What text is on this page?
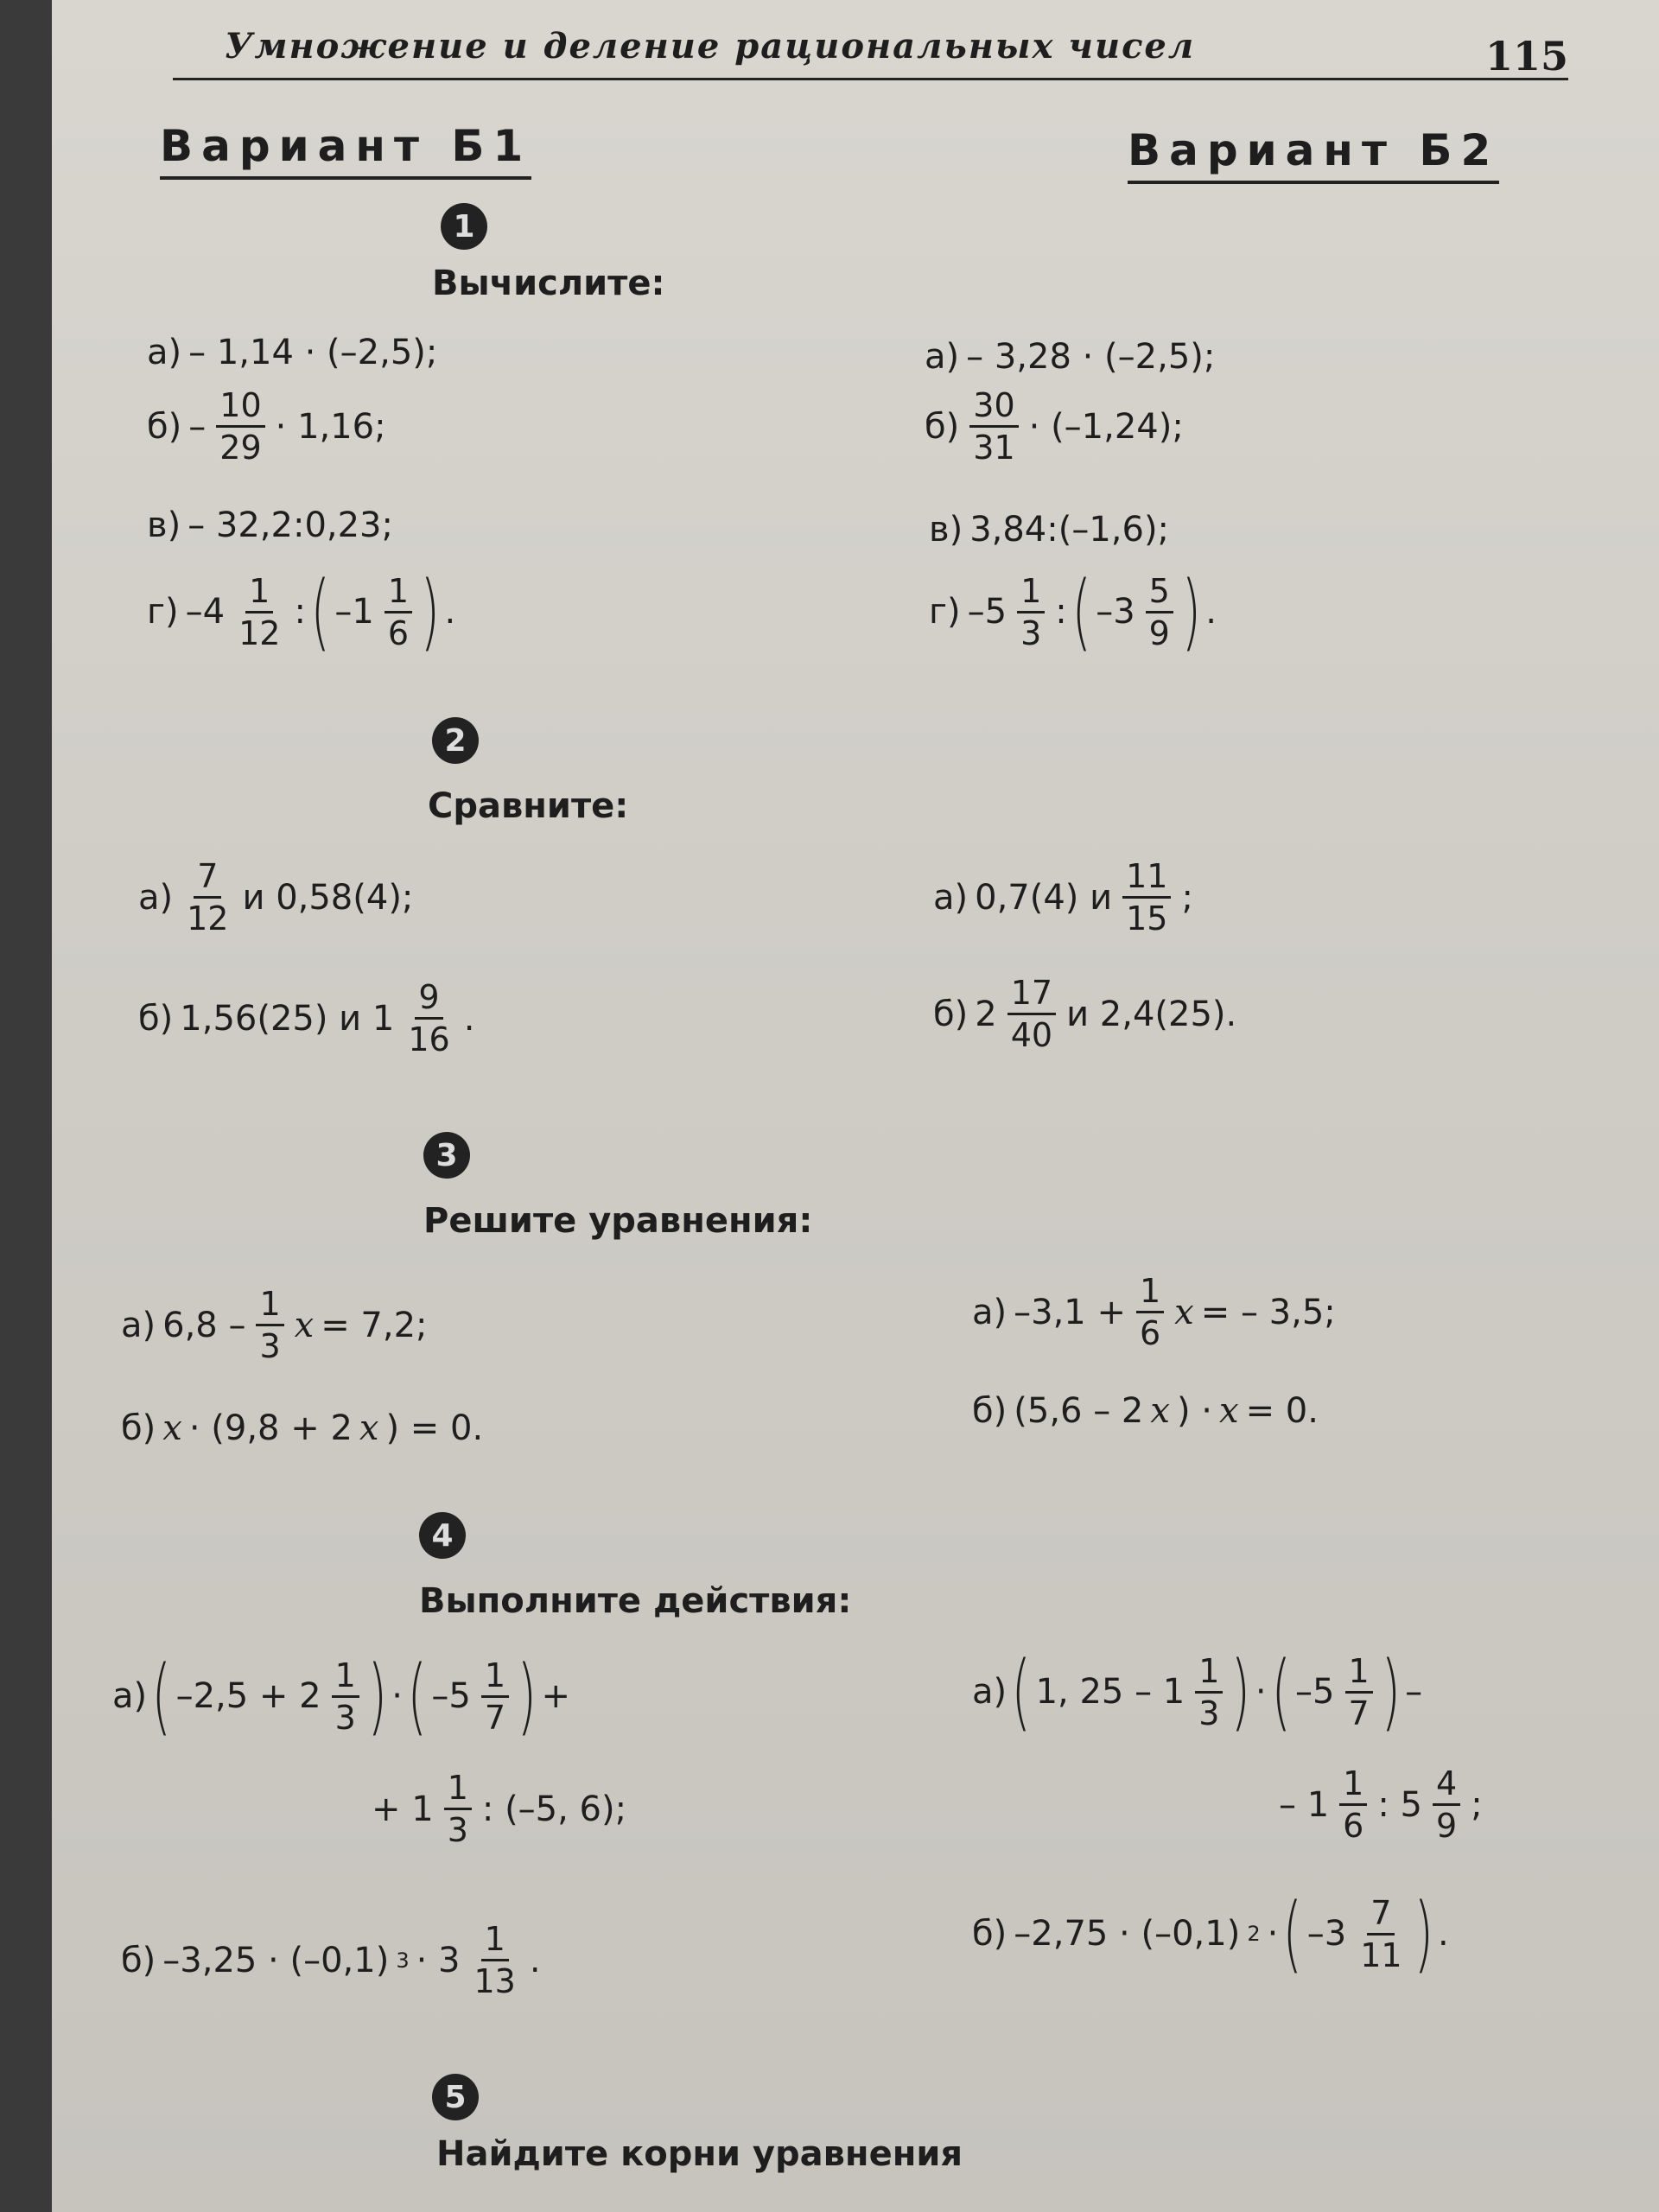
Умножение и деление рациональных чисел	115
Вариант Б1	Вариант Б2
1
Вычислите:
а) – 1,14 · (–2,5);
$б) - \frac{10}{29} \cdot 1,16$;
в) – 32,2:0,23;
г) $-4 \frac{1}{12}$ : ( $-1 \frac{1}{6}$ ) .
а) – 3,28 · (–2,5);
$б) \frac{30}{31} \cdot (-1,24)$;
в) 3,84:(–1,6);
г) $-5 \frac{1}{3}$ : ( $-3 \frac{5}{9}$ ) .
2
Сравните:
$а) \frac{7}{12}$ и 0,58(4);
б) 1,56(25) и $1 \frac{9}{16}$ .
а) 0,7(4) и $\frac{11}{15}$ ;
б) $2 \frac{17}{40}$ и 2,4(25).
3
Решите уравнения:
а) $6,8 - \frac{1}{3}$ x = 7,2;
б) x · (9,8 + 2 x ) = 0.
а) $-3,1 + \frac{1}{6}$ x = – 3,5;
б) (5,6 – 2 x ) · x = 0.
4
Выполните действия:
а) ( $-2,5 + 2 \frac{1}{3}$ ) · ( $-5 \frac{1}{7}$ ) +
+ $1 \frac{1}{3}$ : (–5, 6);
б) –3,25 · (–0,1) $3 \cdot 3 \frac{1}{13}$ .
а) ( 1, $25 - 1 \frac{1}{3}$ ) · ( $-5 \frac{1}{7}$ ) –
– $1 \frac{1}{6}$ : $5 \frac{4}{9}$ ;
б) –2,75 · (–0,1) 2 · ( $-3 \frac{7}{11}$ ) .
5
Найдите корни уравнения
